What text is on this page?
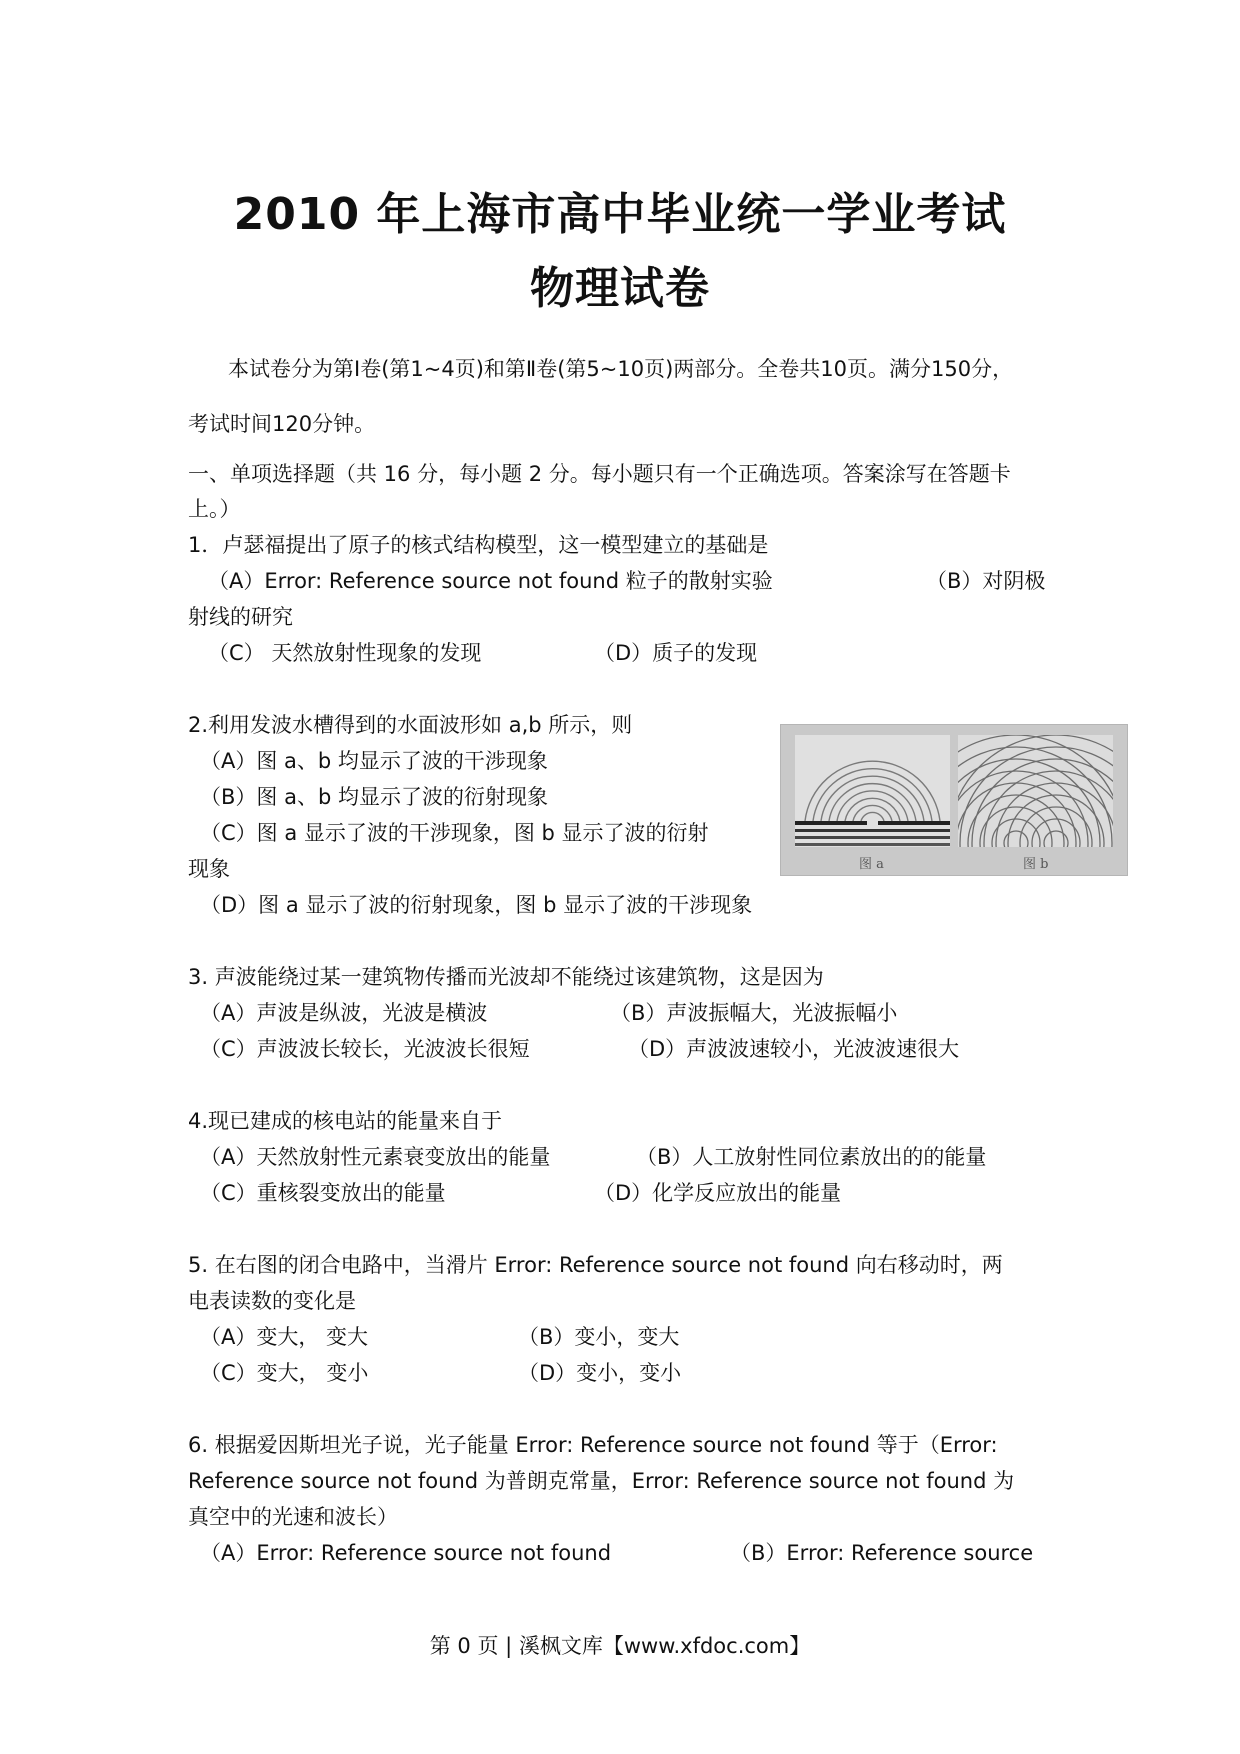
2010 年上海市高中毕业统一学业考试
物理试卷
本试卷分为第Ⅰ卷(第1~4页)和第Ⅱ卷(第5~10页)两部分。全卷共10页。满分150分，
考试时间120分钟。
一、单项选择题（共 16 分，每小题 2 分。每小题只有一个正确选项。答案涂写在答题卡
上。）
1．卢瑟福提出了原子的核式结构模型，这一模型建立的基础是
（A）Error: Reference source not found 粒子的散射实验	（B）对阴极
射线的研究
（C） 天然放射性现象的发现	（D）质子的发现
2.利用发波水槽得到的水面波形如 a,b 所示，则
（A）图 a、b 均显示了波的干涉现象
（B）图 a、b 均显示了波的衍射现象
（C）图 a 显示了波的干涉现象，图 b 显示了波的衍射
现象
（D）图 a 显示了波的衍射现象，图 b 显示了波的干涉现象
图 a	图 b
3. 声波能绕过某一建筑物传播而光波却不能绕过该建筑物，这是因为
（A）声波是纵波，光波是横波	（B）声波振幅大，光波振幅小
（C）声波波长较长，光波波长很短	（D）声波波速较小，光波波速很大
4.现已建成的核电站的能量来自于
（A）天然放射性元素衰变放出的能量	（B）人工放射性同位素放出的的能量
（C）重核裂变放出的能量	（D）化学反应放出的能量
5. 在右图的闭合电路中，当滑片 Error: Reference source not found 向右移动时，两
电表读数的变化是
（A）变大， 变大	（B）变小，变大
（C）变大， 变小	（D）变小，变小
6. 根据爱因斯坦光子说，光子能量 Error: Reference source not found 等于（Error:
Reference source not found 为普朗克常量，Error: Reference source not found 为
真空中的光速和波长）
（A）Error: Reference source not found	（B）Error: Reference source
第 0 页 | 溪枫文库【www.xfdoc.com】
